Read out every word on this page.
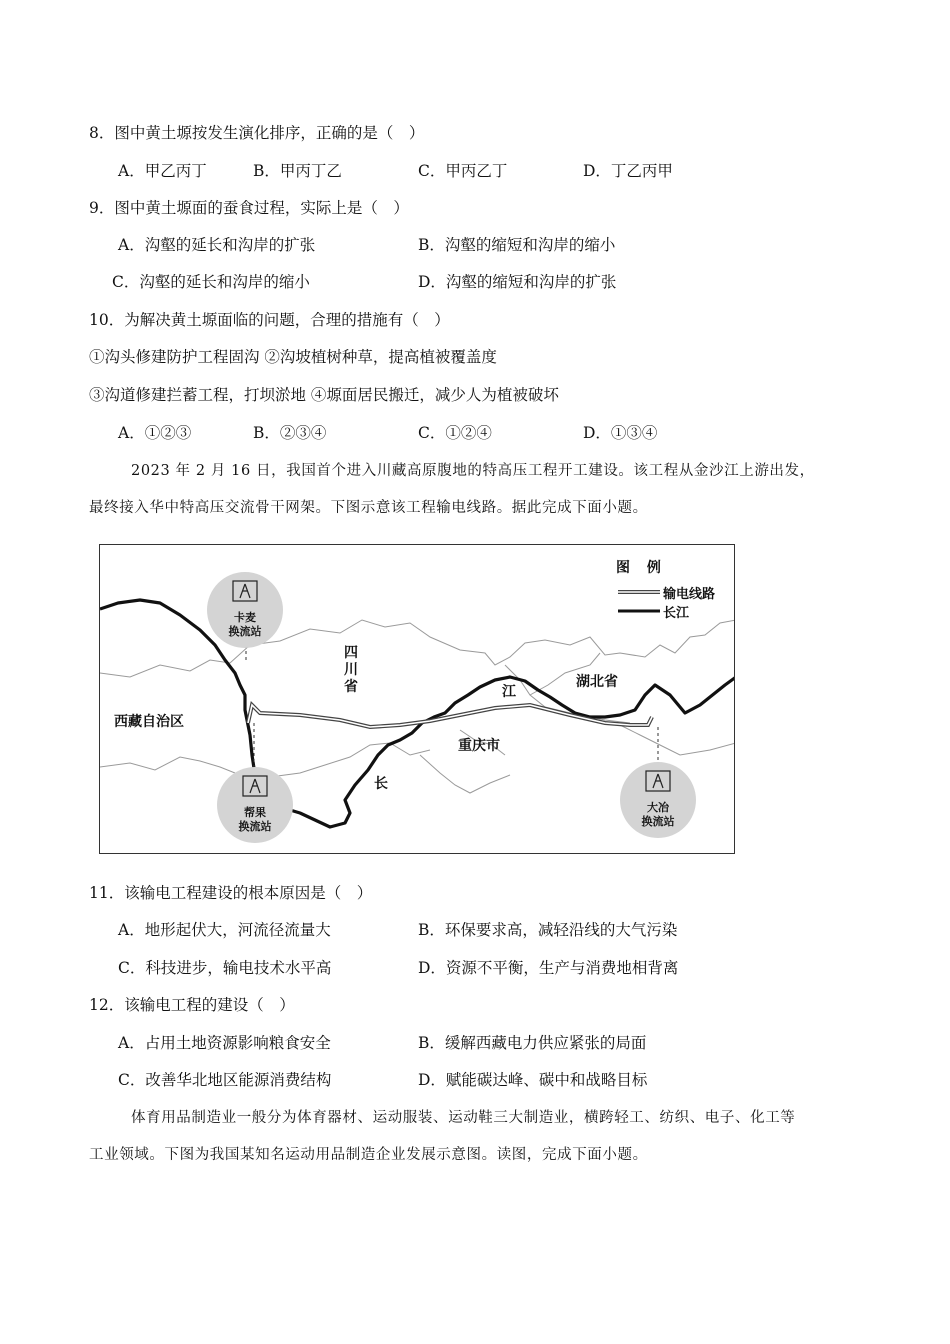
8．图中黄土塬按发生演化排序，正确的是（　）
A．甲乙丙丁	B．甲丙丁乙	C．甲丙乙丁	D．丁乙丙甲
9．图中黄土塬面的蚕食过程，实际上是（　）
A．沟壑的延长和沟岸的扩张	B．沟壑的缩短和沟岸的缩小
C．沟壑的延长和沟岸的缩小	D．沟壑的缩短和沟岸的扩张
10．为解决黄土塬面临的问题，合理的措施有（　）
①沟头修建防护工程固沟 ②沟坡植树种草，提高植被覆盖度
③沟道修建拦蓄工程，打坝淤地 ④塬面居民搬迁，减少人为植被破坏
A．①②③	B．②③④	C．①②④	D．①③④
2023 年 2 月 16 日，我国首个进入川藏高原腹地的特高压工程开工建设。该工程从金沙江上游出发，
最终接入华中特高压交流骨干网架。下图示意该工程输电线路。据此完成下面小题。
图 例
输电线路
长江
西藏自治区
四
川
省	湖北省
重庆市
江
长
卡麦
换流站
帮果
换流站
大冶
换流站
11．该输电工程建设的根本原因是（　）
A．地形起伏大，河流径流量大	B．环保要求高，减轻沿线的大气污染
C．科技进步，输电技术水平高	D．资源不平衡，生产与消费地相背离
12．该输电工程的建设（　）
A．占用土地资源影响粮食安全	B．缓解西藏电力供应紧张的局面
C．改善华北地区能源消费结构	D．赋能碳达峰、碳中和战略目标
体育用品制造业一般分为体育器材、运动服装、运动鞋三大制造业，横跨轻工、纺织、电子、化工等
工业领域。下图为我国某知名运动用品制造企业发展示意图。读图，完成下面小题。
